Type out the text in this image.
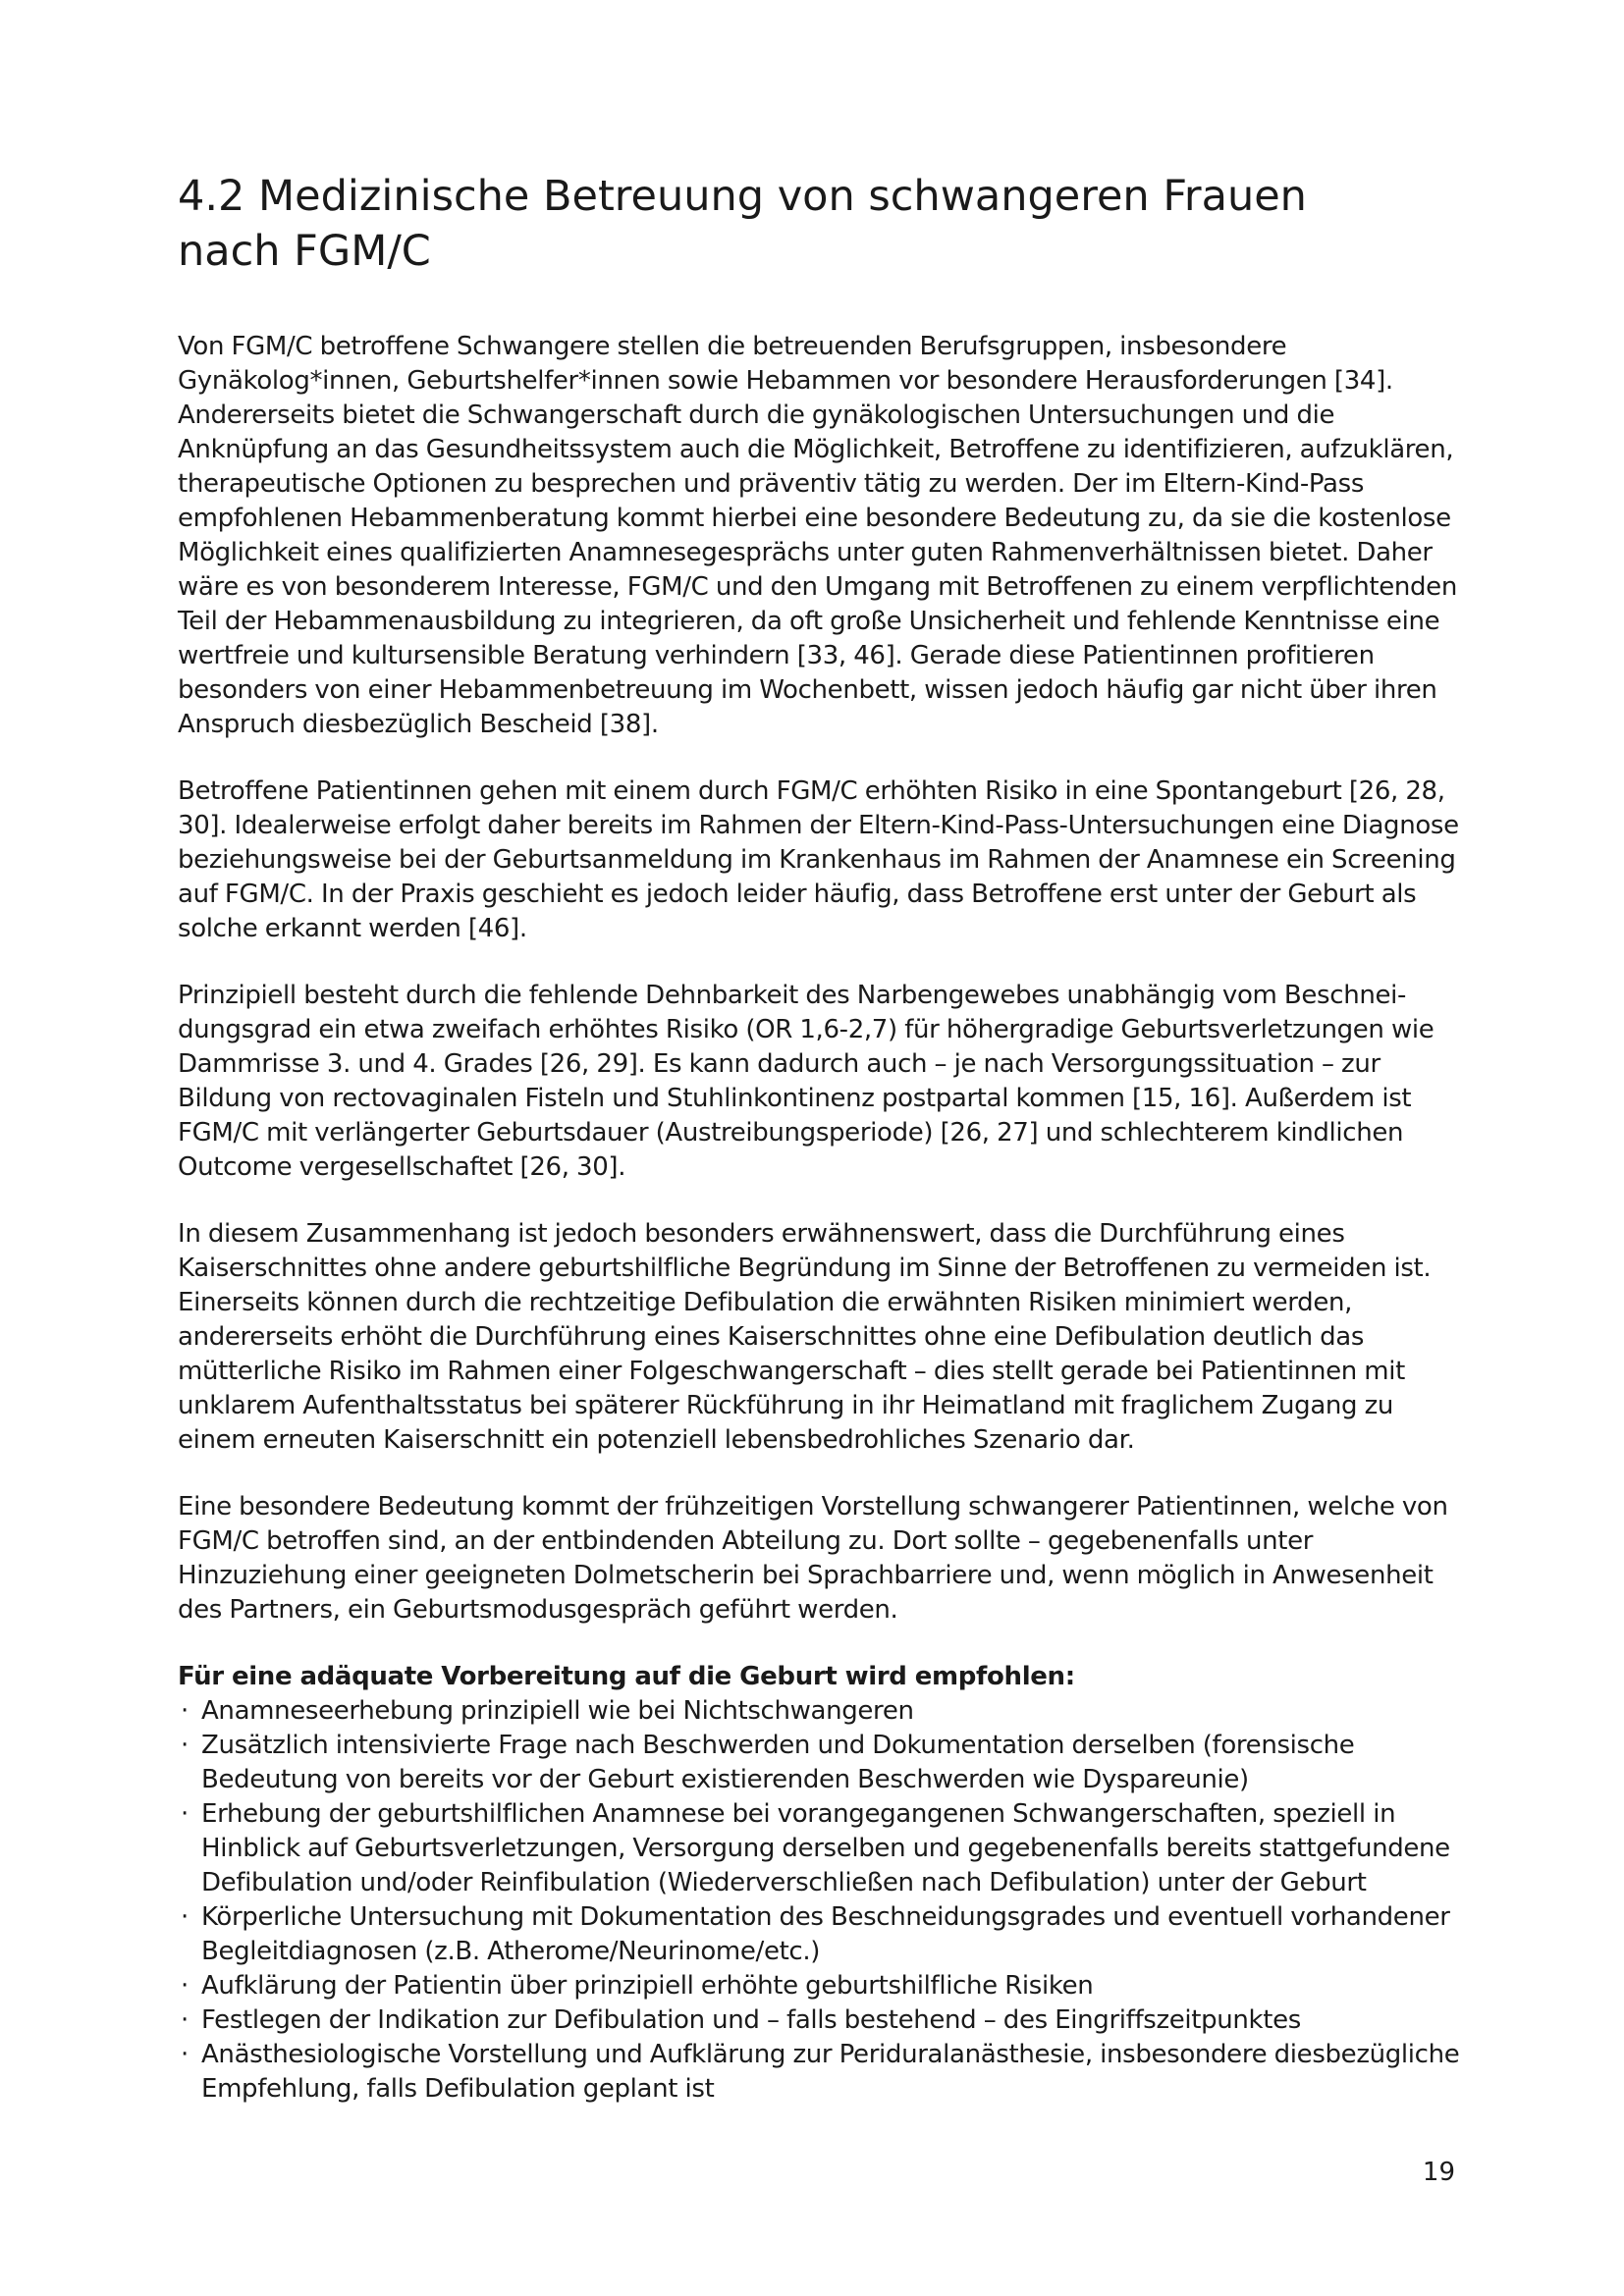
4.2 Medizinische Betreuung von schwangeren Frauen nach FGM/C

Von FGM/C betroffene Schwangere stellen die betreuenden Berufsgruppen, insbesondere Gynäkolog*innen, Geburtshelfer*innen sowie Hebammen vor besondere Herausforderungen [34]. Andererseits bietet die Schwangerschaft durch die gynäkologischen Untersuchungen und die Anknüpfung an das Gesundheitssystem auch die Möglichkeit, Betroffene zu identifizieren, aufzuklären, therapeutische Optionen zu besprechen und präventiv tätig zu werden. Der im Eltern-Kind-Pass empfohlenen Hebammenberatung kommt hierbei eine besondere Bedeutung zu, da sie die kostenlose Möglichkeit eines qualifizierten Anamnesegesprächs unter guten Rahmenverhältnissen bietet. Daher wäre es von besonderem Interesse, FGM/C und den Umgang mit Betroffenen zu einem verpflichtenden Teil der Hebammenausbildung zu integrieren, da oft große Unsicherheit und fehlende Kenntnisse eine wertfreie und kultursensible Beratung verhindern [33, 46]. Gerade diese Patientinnen profitieren besonders von einer Hebammenbetreuung im Wochenbett, wissen jedoch häufig gar nicht über ihren Anspruch diesbezüglich Bescheid [38].

Betroffene Patientinnen gehen mit einem durch FGM/C erhöhten Risiko in eine Spontangeburt [26, 28, 30]. Idealerweise erfolgt daher bereits im Rahmen der Eltern-Kind-Pass-Untersuchungen eine Diagnose beziehungsweise bei der Geburtsanmeldung im Krankenhaus im Rahmen der Anamnese ein Screening auf FGM/C. In der Praxis geschieht es jedoch leider häufig, dass Betroffene erst unter der Geburt als solche erkannt werden [46].

Prinzipiell besteht durch die fehlende Dehnbarkeit des Narbengewebes unabhängig vom Beschneidungsgrad ein etwa zweifach erhöhtes Risiko (OR 1,6-2,7) für höhergradige Geburtsverletzungen wie Dammrisse 3. und 4. Grades [26, 29]. Es kann dadurch auch – je nach Versorgungssituation – zur Bildung von rectovaginalen Fisteln und Stuhlinkontinenz postpartal kommen [15, 16]. Außerdem ist FGM/C mit verlängerter Geburtsdauer (Austreibungsperiode) [26, 27] und schlechterem kindlichen Outcome vergesellschaftet [26, 30].

In diesem Zusammenhang ist jedoch besonders erwähnenswert, dass die Durchführung eines Kaiserschnittes ohne andere geburtshilfliche Begründung im Sinne der Betroffenen zu vermeiden ist. Einerseits können durch die rechtzeitige Defibulation die erwähnten Risiken minimiert werden, andererseits erhöht die Durchführung eines Kaiserschnittes ohne eine Defibulation deutlich das mütterliche Risiko im Rahmen einer Folgeschwangerschaft – dies stellt gerade bei Patientinnen mit unklarem Aufenthaltsstatus bei späterer Rückführung in ihr Heimatland mit fraglichem Zugang zu einem erneuten Kaiserschnitt ein potenziell lebensbedrohliches Szenario dar.

Eine besondere Bedeutung kommt der frühzeitigen Vorstellung schwangerer Patientinnen, welche von FGM/C betroffen sind, an der entbindenden Abteilung zu. Dort sollte – gegebenenfalls unter Hinzuziehung einer geeigneten Dolmetscherin bei Sprachbarriere und, wenn möglich in Anwesenheit des Partners, ein Geburtsmodusgespräch geführt werden.

Für eine adäquate Vorbereitung auf die Geburt wird empfohlen:

· Anamneseerhebung prinzipiell wie bei Nichtschwangeren
· Zusätzlich intensivierte Frage nach Beschwerden und Dokumentation derselben (forensische Bedeutung von bereits vor der Geburt existierenden Beschwerden wie Dyspareunie)
· Erhebung der geburtshilflichen Anamnese bei vorangegangenen Schwangerschaften, speziell in Hinblick auf Geburtsverletzungen, Versorgung derselben und gegebenenfalls bereits stattgefundene Defibulation und/oder Reinfibulation (Wiederverschließen nach Defibulation) unter der Geburt
· Körperliche Untersuchung mit Dokumentation des Beschneidungsgrades und eventuell vorhandener Begleitdiagnosen (z.B. Atherome/Neurinome/etc.)
· Aufklärung der Patientin über prinzipiell erhöhte geburtshilfliche Risiken
· Festlegen der Indikation zur Defibulation und – falls bestehend – des Eingriffszeitpunktes
· Anästhesiologische Vorstellung und Aufklärung zur Periduralanästhesie, insbesondere diesbezügliche Empfehlung, falls Defibulation geplant ist
19
